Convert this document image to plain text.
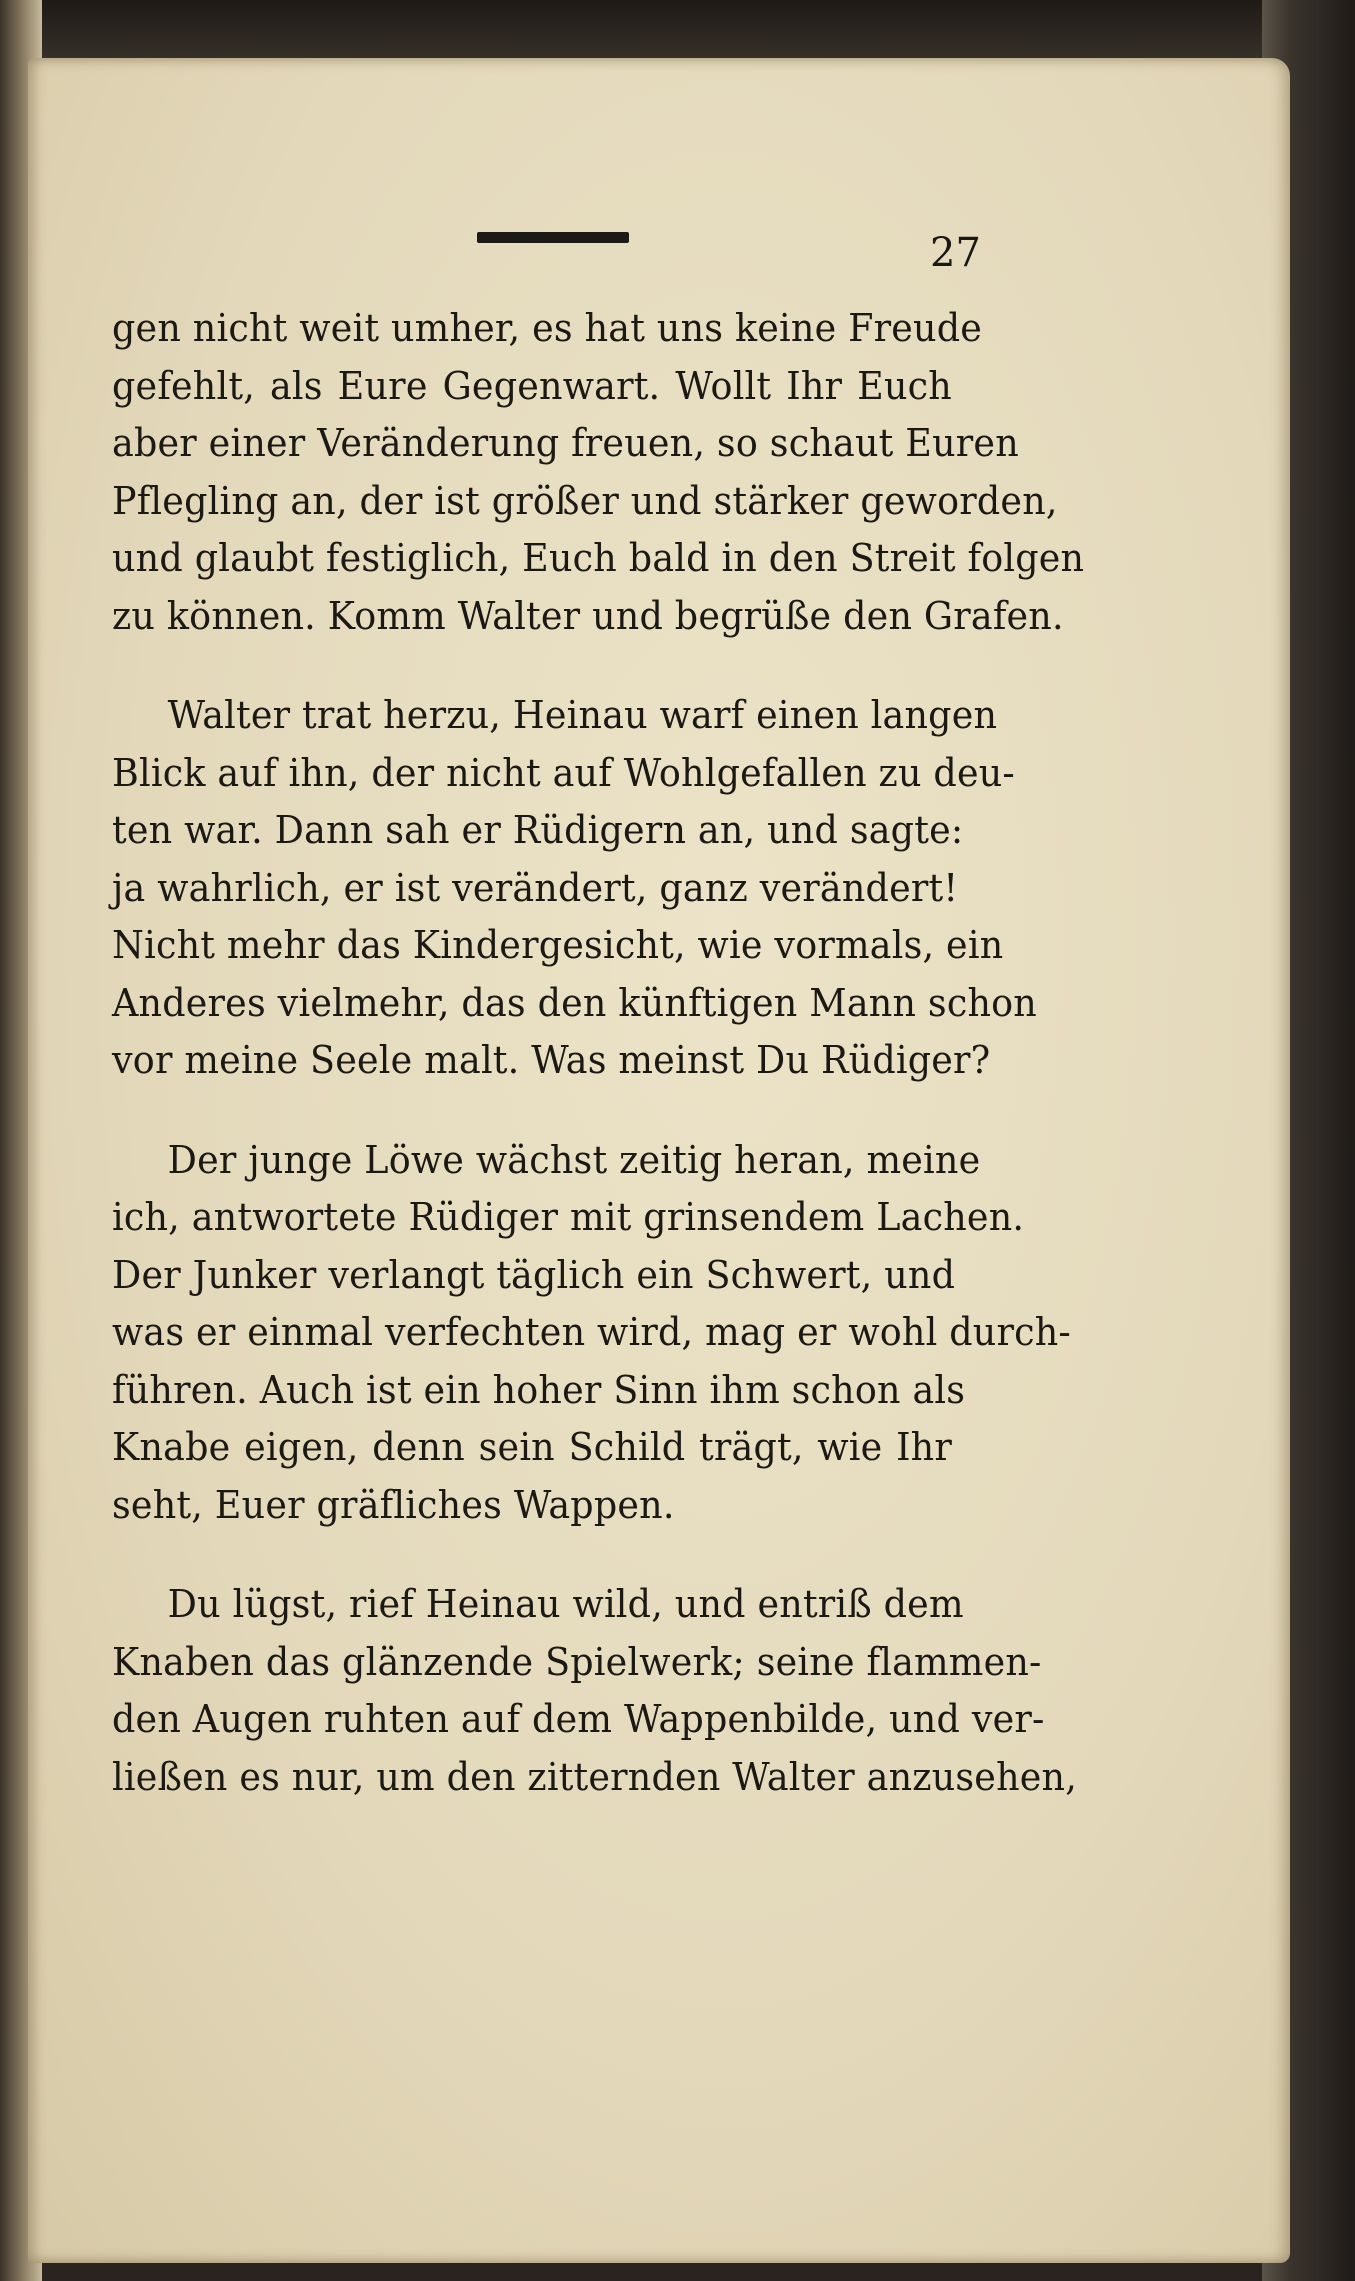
27
gen nicht weit umher, es hat uns keine Freude
gefehlt, als Eure Gegenwart. Wollt Ihr Euch
aber einer Veränderung freuen, so schaut Euren
Pflegling an, der ist größer und stärker geworden,
und glaubt festiglich, Euch bald in den Streit folgen
zu können. Komm Walter und begrüße den Grafen.
Walter trat herzu, Heinau warf einen langen
Blick auf ihn, der nicht auf Wohlgefallen zu deu-
ten war. Dann sah er Rüdigern an, und sagte:
ja wahrlich, er ist verändert, ganz verändert!
Nicht mehr das Kindergesicht, wie vormals, ein
Anderes vielmehr, das den künftigen Mann schon
vor meine Seele malt. Was meinst Du Rüdiger?
Der junge Löwe wächst zeitig heran, meine
ich, antwortete Rüdiger mit grinsendem Lachen.
Der Junker verlangt täglich ein Schwert, und
was er einmal verfechten wird, mag er wohl durch-
führen. Auch ist ein hoher Sinn ihm schon als
Knabe eigen, denn sein Schild trägt, wie Ihr
seht, Euer gräfliches Wappen.
Du lügst, rief Heinau wild, und entriß dem
Knaben das glänzende Spielwerk; seine flammen-
den Augen ruhten auf dem Wappenbilde, und ver-
ließen es nur, um den zitternden Walter anzusehen,
